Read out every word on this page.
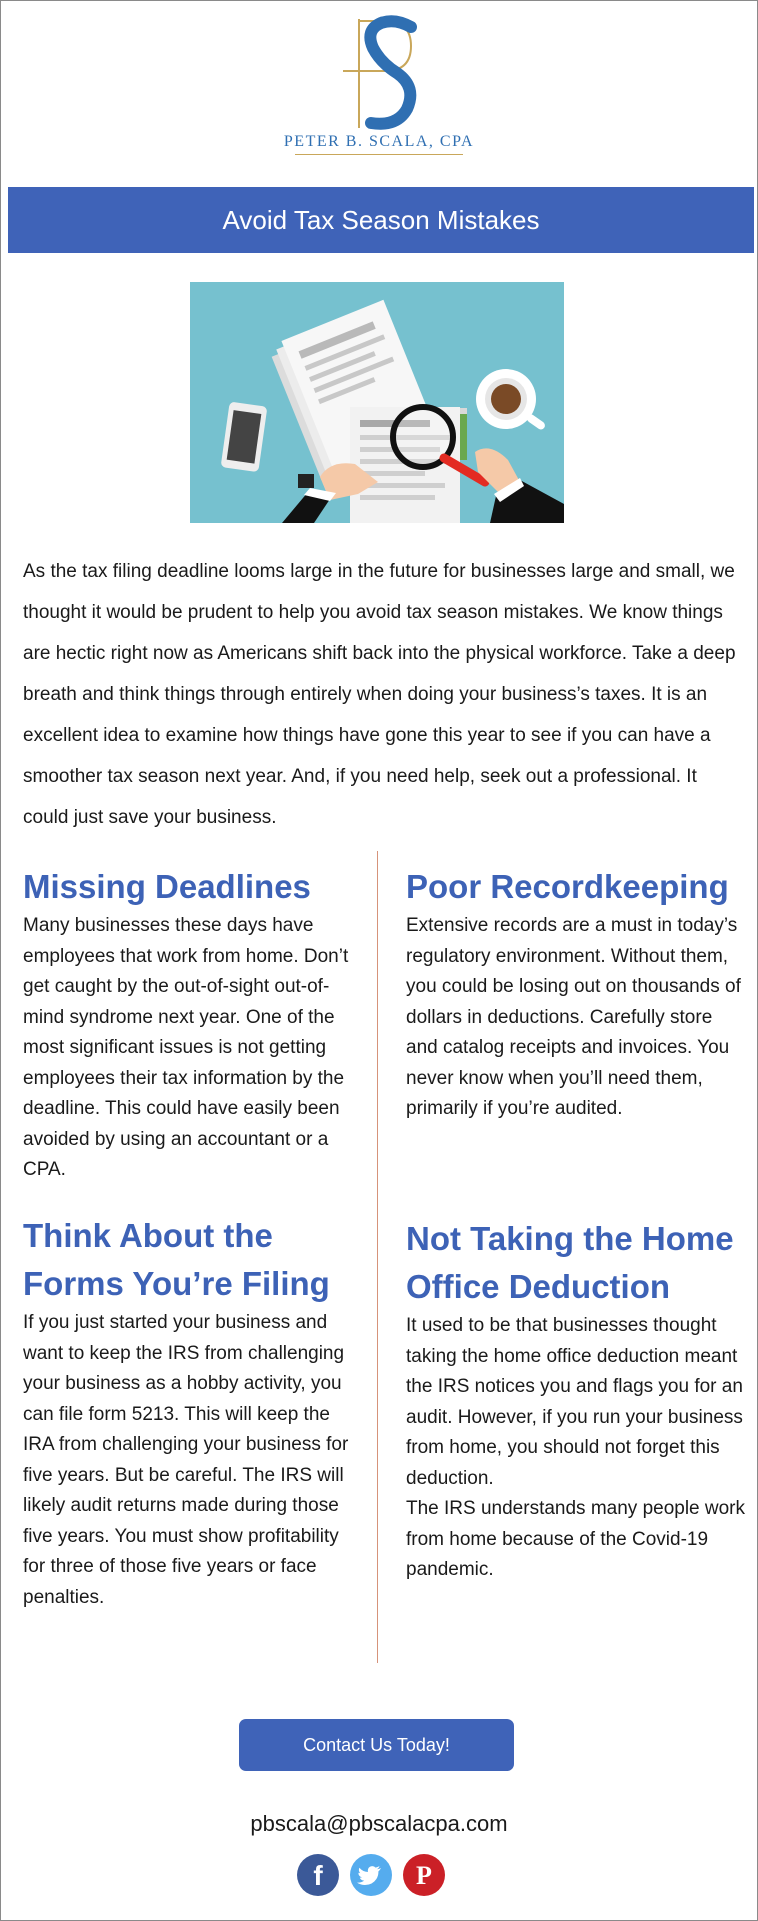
PETER B. SCALA, CPA
Avoid Tax Season Mistakes

As the tax filing deadline looms large in the future for businesses large and small, we thought it would be prudent to help you avoid tax season mistakes. We know things are hectic right now as Americans shift back into the physical workforce. Take a deep breath and think things through entirely when doing your business’s taxes. It is an excellent idea to examine how things have gone this year to see if you can have a smoother tax season next year. And, if you need help, seek out a professional. It could just save your business.

Missing Deadlines

Many businesses these days have employees that work from home. Don’t get caught by the out-of-sight out-of-mind syndrome next year. One of the most significant issues is not getting employees their tax information by the deadline. This could have easily been avoided by using an accountant or a CPA.

Poor Recordkeeping

Extensive records are a must in today’s regulatory environment. Without them, you could be losing out on thousands of dollars in deductions. Carefully store and catalog receipts and invoices. You never know when you’ll need them, primarily if you’re audited.

Think About the Forms You’re Filing

If you just started your business and want to keep the IRS from challenging your business as a hobby activity, you can file form 5213. This will keep the IRA from challenging your business for five years. But be careful. The IRS will likely audit returns made during those five years. You must show profitability for three of those five years or face penalties.

Not Taking the Home Office Deduction

It used to be that businesses thought taking the home office deduction meant the IRS notices you and flags you for an audit. However, if you run your business from home, you should not forget this deduction.

The IRS understands many people work from home because of the Covid-19 pandemic.

Contact Us Today!
pbscala@pbscalacpa.com
f	P
